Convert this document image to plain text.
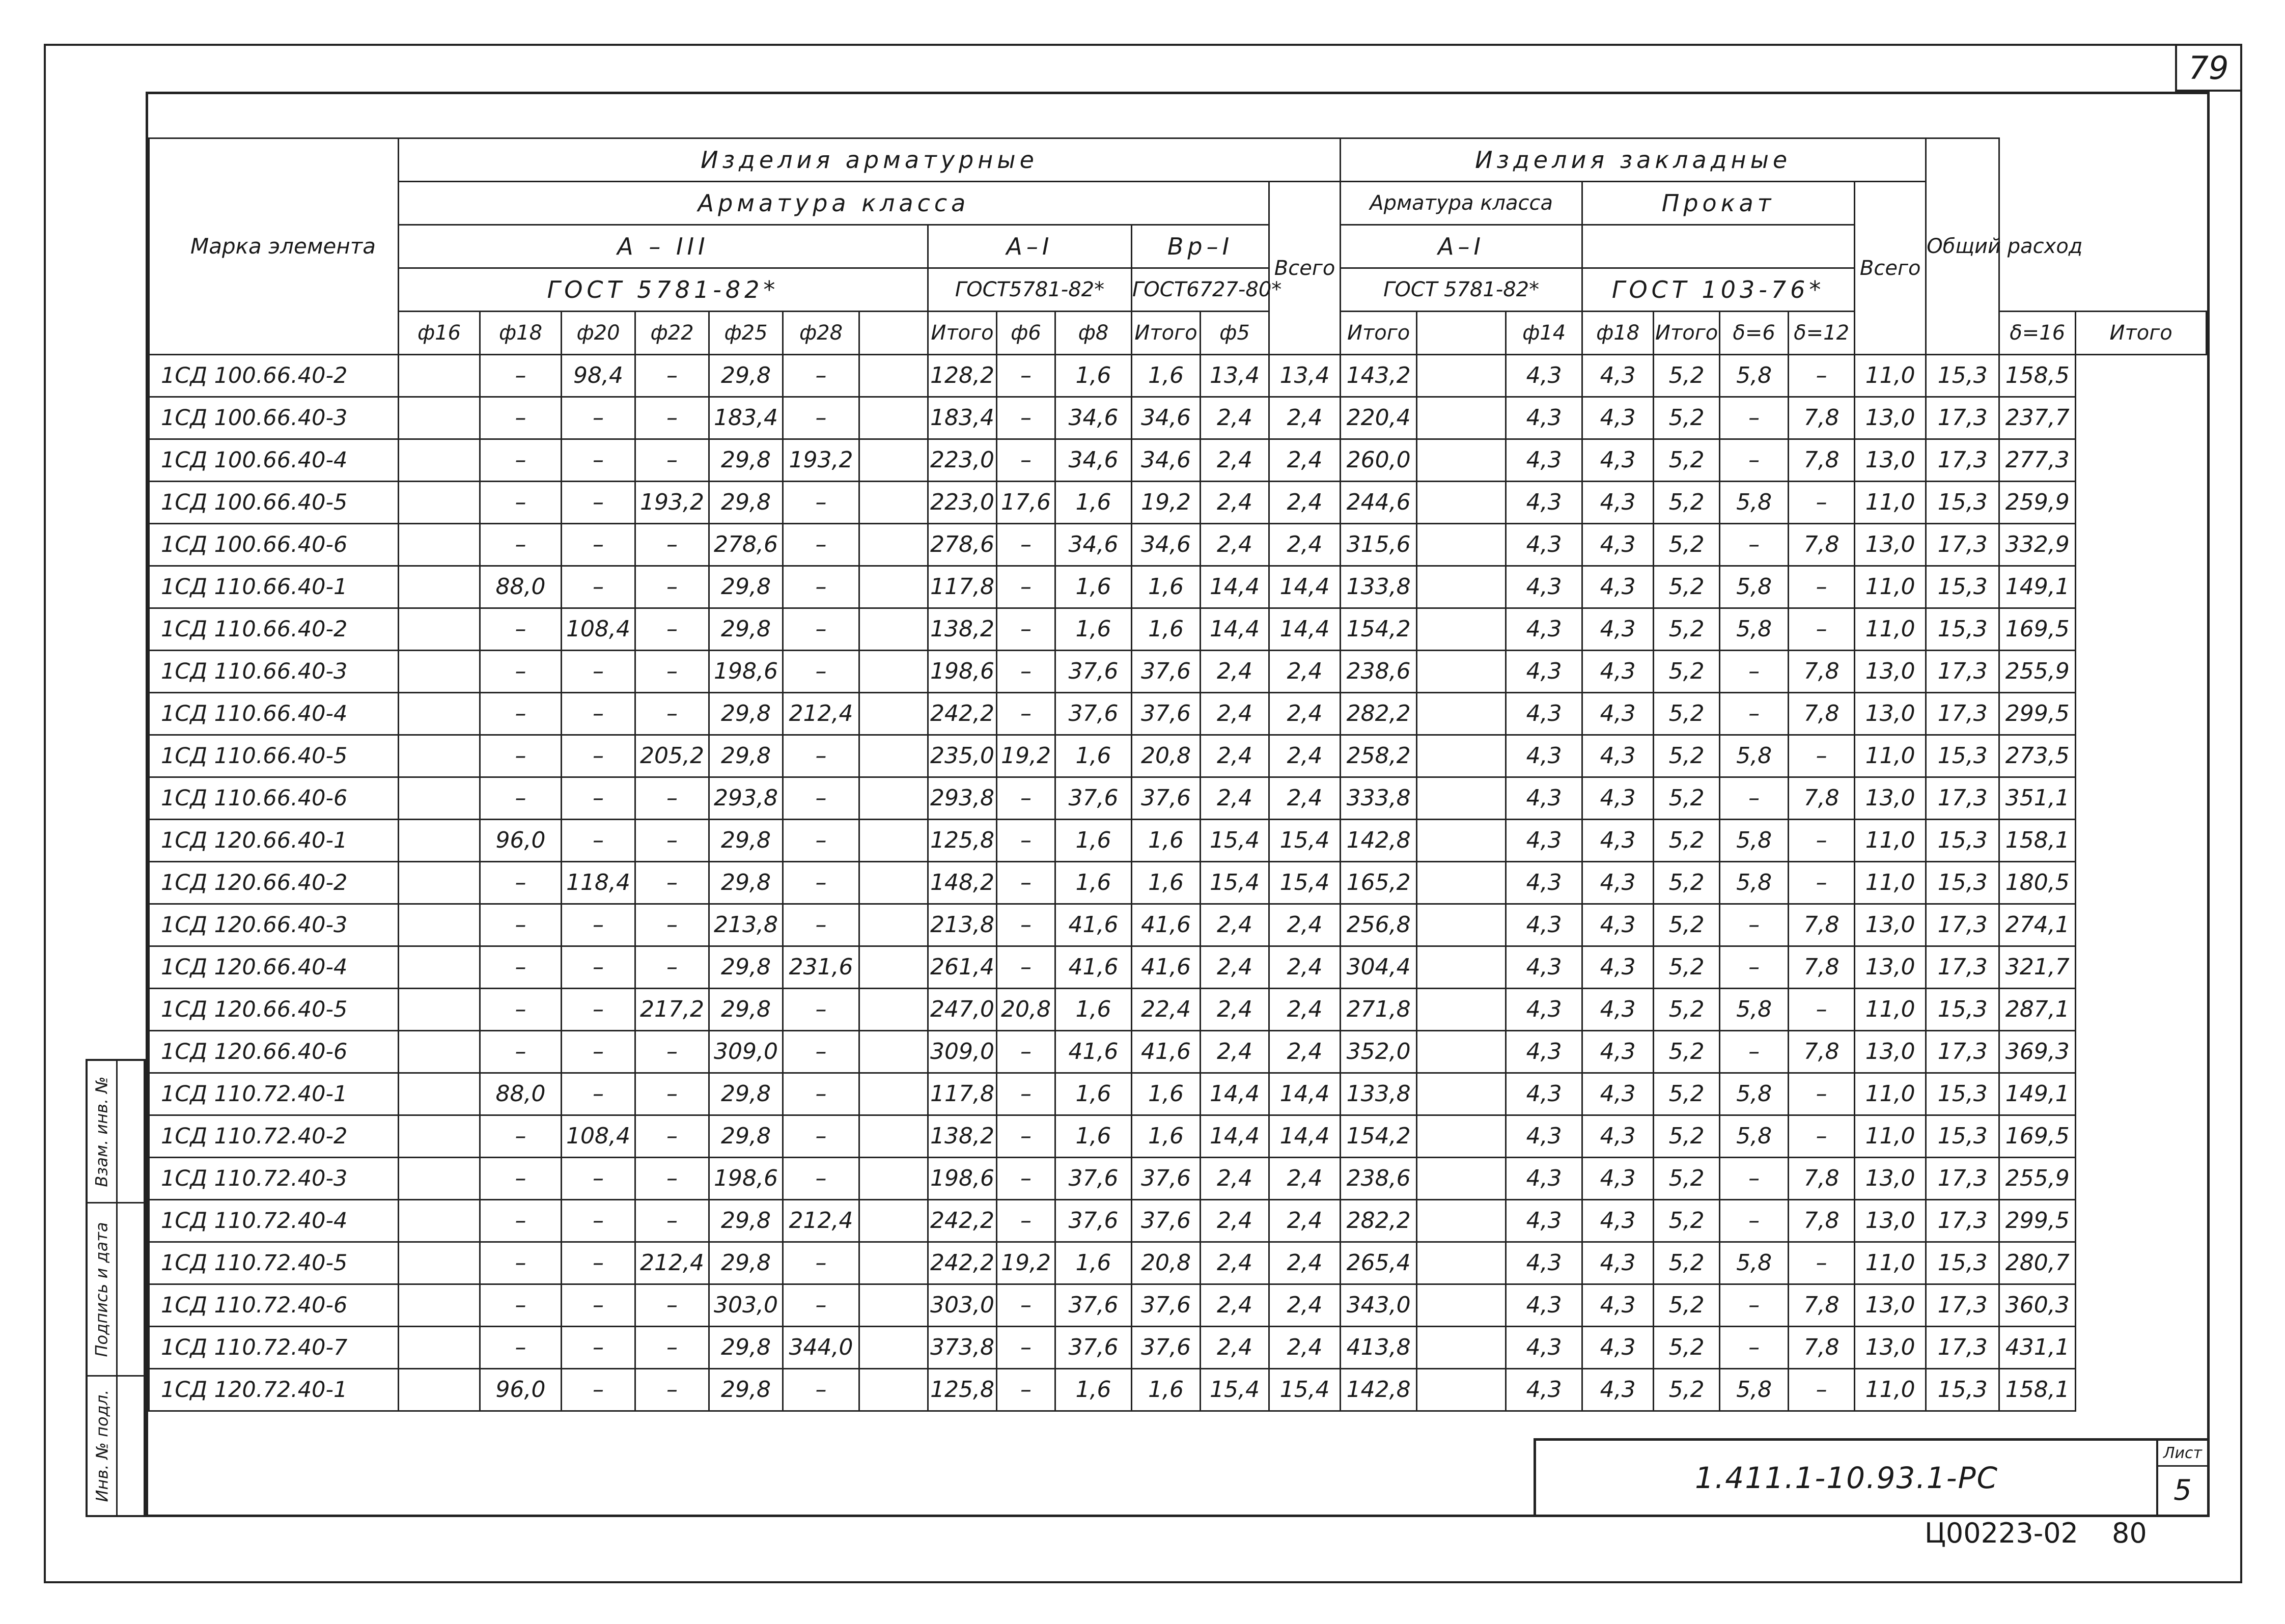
79
Марка элемента	Изделия арматурные													Изделия закладные								Общий расход		
	Арматура класса												Всего	Арматура класса			Прокат				Всего			
	А – III							А–I			Вр–I			А–I										
	ГОСТ 5781-82*							ГОСТ5781-82*			ГОСТ6727-80*			ГОСТ 5781-82*			ГОСТ 103-76*							
	ф16	ф18	ф20	ф22	ф25	ф28		Итого	ф6	ф8	Итого	ф5		Итого		ф14	ф18	Итого	δ=6	δ=12			δ=16	Итого
1СД 100.66.40-2		–	98,4	–	29,8	–		128,2	–	1,6	1,6	13,4	13,4	143,2		4,3	4,3	5,2	5,8	–	11,0	15,3	158,5	
1СД 100.66.40-3		–	–	–	183,4	–		183,4	–	34,6	34,6	2,4	2,4	220,4		4,3	4,3	5,2	–	7,8	13,0	17,3	237,7	
1СД 100.66.40-4		–	–	–	29,8	193,2		223,0	–	34,6	34,6	2,4	2,4	260,0		4,3	4,3	5,2	–	7,8	13,0	17,3	277,3	
1СД 100.66.40-5		–	–	193,2	29,8	–		223,0	17,6	1,6	19,2	2,4	2,4	244,6		4,3	4,3	5,2	5,8	–	11,0	15,3	259,9	
1СД 100.66.40-6		–	–	–	278,6	–		278,6	–	34,6	34,6	2,4	2,4	315,6		4,3	4,3	5,2	–	7,8	13,0	17,3	332,9	
1СД 110.66.40-1		88,0	–	–	29,8	–		117,8	–	1,6	1,6	14,4	14,4	133,8		4,3	4,3	5,2	5,8	–	11,0	15,3	149,1	
1СД 110.66.40-2		–	108,4	–	29,8	–		138,2	–	1,6	1,6	14,4	14,4	154,2		4,3	4,3	5,2	5,8	–	11,0	15,3	169,5	
1СД 110.66.40-3		–	–	–	198,6	–		198,6	–	37,6	37,6	2,4	2,4	238,6		4,3	4,3	5,2	–	7,8	13,0	17,3	255,9	
1СД 110.66.40-4		–	–	–	29,8	212,4		242,2	–	37,6	37,6	2,4	2,4	282,2		4,3	4,3	5,2	–	7,8	13,0	17,3	299,5	
1СД 110.66.40-5		–	–	205,2	29,8	–		235,0	19,2	1,6	20,8	2,4	2,4	258,2		4,3	4,3	5,2	5,8	–	11,0	15,3	273,5	
1СД 110.66.40-6		–	–	–	293,8	–		293,8	–	37,6	37,6	2,4	2,4	333,8		4,3	4,3	5,2	–	7,8	13,0	17,3	351,1	
1СД 120.66.40-1		96,0	–	–	29,8	–		125,8	–	1,6	1,6	15,4	15,4	142,8		4,3	4,3	5,2	5,8	–	11,0	15,3	158,1	
1СД 120.66.40-2		–	118,4	–	29,8	–		148,2	–	1,6	1,6	15,4	15,4	165,2		4,3	4,3	5,2	5,8	–	11,0	15,3	180,5	
1СД 120.66.40-3		–	–	–	213,8	–		213,8	–	41,6	41,6	2,4	2,4	256,8		4,3	4,3	5,2	–	7,8	13,0	17,3	274,1	
1СД 120.66.40-4		–	–	–	29,8	231,6		261,4	–	41,6	41,6	2,4	2,4	304,4		4,3	4,3	5,2	–	7,8	13,0	17,3	321,7	
1СД 120.66.40-5		–	–	217,2	29,8	–		247,0	20,8	1,6	22,4	2,4	2,4	271,8		4,3	4,3	5,2	5,8	–	11,0	15,3	287,1	
1СД 120.66.40-6		–	–	–	309,0	–		309,0	–	41,6	41,6	2,4	2,4	352,0		4,3	4,3	5,2	–	7,8	13,0	17,3	369,3	
1СД 110.72.40-1		88,0	–	–	29,8	–		117,8	–	1,6	1,6	14,4	14,4	133,8		4,3	4,3	5,2	5,8	–	11,0	15,3	149,1	
1СД 110.72.40-2		–	108,4	–	29,8	–		138,2	–	1,6	1,6	14,4	14,4	154,2		4,3	4,3	5,2	5,8	–	11,0	15,3	169,5	
1СД 110.72.40-3		–	–	–	198,6	–		198,6	–	37,6	37,6	2,4	2,4	238,6		4,3	4,3	5,2	–	7,8	13,0	17,3	255,9	
1СД 110.72.40-4		–	–	–	29,8	212,4		242,2	–	37,6	37,6	2,4	2,4	282,2		4,3	4,3	5,2	–	7,8	13,0	17,3	299,5	
1СД 110.72.40-5		–	–	212,4	29,8	–		242,2	19,2	1,6	20,8	2,4	2,4	265,4		4,3	4,3	5,2	5,8	–	11,0	15,3	280,7	
1СД 110.72.40-6		–	–	–	303,0	–		303,0	–	37,6	37,6	2,4	2,4	343,0		4,3	4,3	5,2	–	7,8	13,0	17,3	360,3	
1СД 110.72.40-7		–	–	–	29,8	344,0		373,8	–	37,6	37,6	2,4	2,4	413,8		4,3	4,3	5,2	–	7,8	13,0	17,3	431,1	
1СД 120.72.40-1		96,0	–	–	29,8	–		125,8	–	1,6	1,6	15,4	15,4	142,8		4,3	4,3	5,2	5,8	–	11,0	15,3	158,1	
Взам. инв. №
Подпись и дата
Инв. № подл.	1.411.1-10.93.1-РС
Лист
5
Ц00223-02 80
